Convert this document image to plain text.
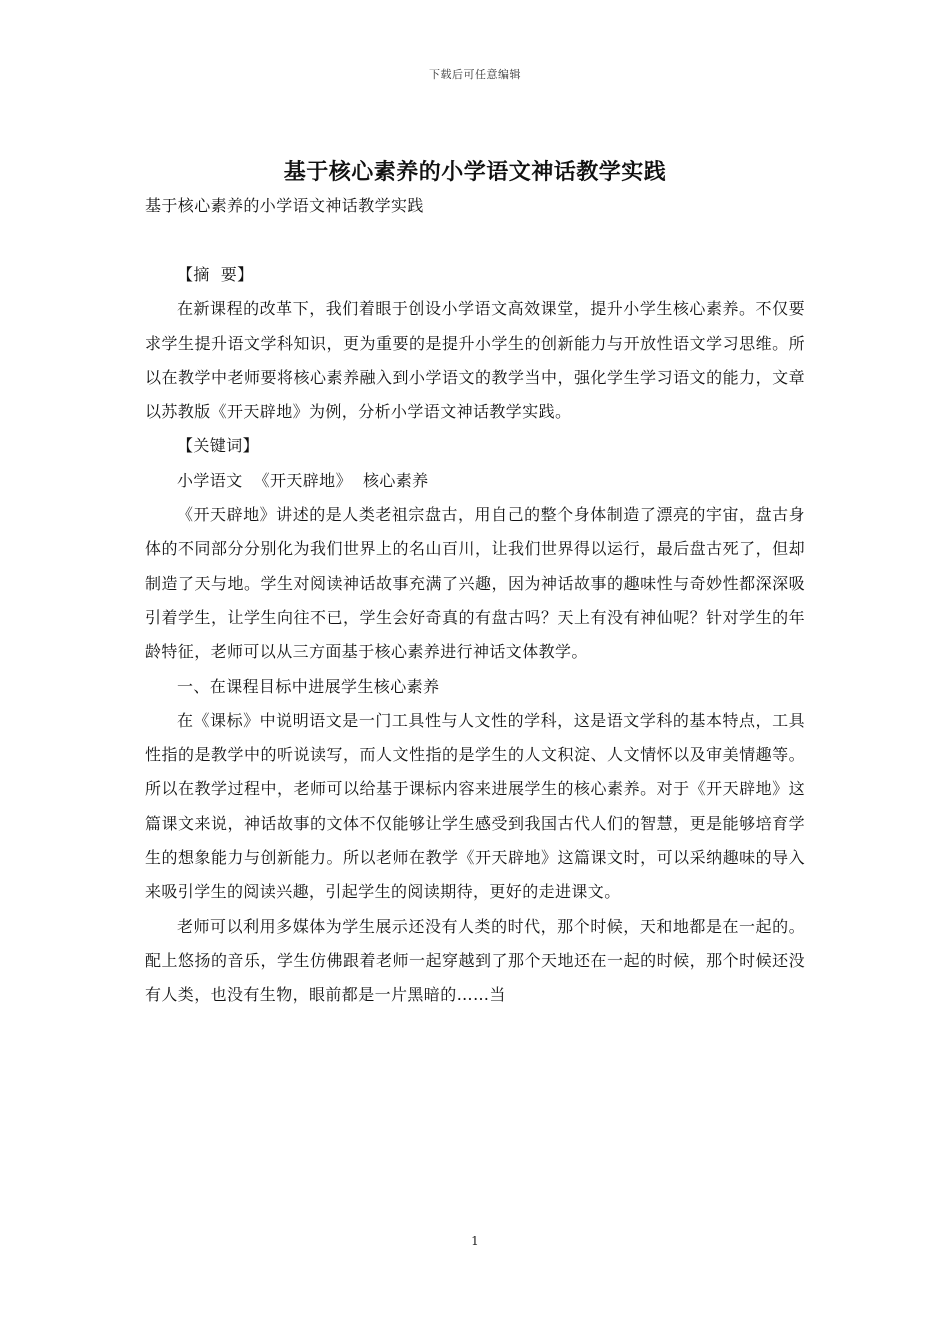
下载后可任意编辑
基于核心素养的小学语文神话教学实践

基于核心素养的小学语文神话教学实践

【摘  要】

在新课程的改革下，我们着眼于创设小学语文高效课堂，提升小学生核心素养。不仅要求学生提升语文学科知识，更为重要的是提升小学生的创新能力与开放性语文学习思维。所以在教学中老师要将核心素养融入到小学语文的教学当中，强化学生学习语文的能力，文章以苏教版《开天辟地》为例，分析小学语文神话教学实践。

【关键词】

小学语文  《开天辟地》  核心素养

《开天辟地》讲述的是人类老祖宗盘古，用自己的整个身体制造了漂亮的宇宙，盘古身体的不同部分分别化为我们世界上的名山百川，让我们世界得以运行，最后盘古死了，但却制造了天与地。学生对阅读神话故事充满了兴趣，因为神话故事的趣味性与奇妙性都深深吸引着学生，让学生向往不已，学生会好奇真的有盘古吗？天上有没有神仙呢？针对学生的年龄特征，老师可以从三方面基于核心素养进行神话文体教学。

一、在课程目标中进展学生核心素养

在《课标》中说明语文是一门工具性与人文性的学科，这是语文学科的基本特点，工具性指的是教学中的听说读写，而人文性指的是学生的人文积淀、人文情怀以及审美情趣等。所以在教学过程中，老师可以给基于课标内容来进展学生的核心素养。对于《开天辟地》这篇课文来说，神话故事的文体不仅能够让学生感受到我国古代人们的智慧，更是能够培育学生的想象能力与创新能力。所以老师在教学《开天辟地》这篇课文时，可以采纳趣味的导入来吸引学生的阅读兴趣，引起学生的阅读期待，更好的走进课文。

老师可以利用多媒体为学生展示还没有人类的时代，那个时候，天和地都是在一起的。配上悠扬的音乐，学生仿佛跟着老师一起穿越到了那个天地还在一起的时候，那个时候还没有人类，也没有生物，眼前都是一片黑暗的……当

1
